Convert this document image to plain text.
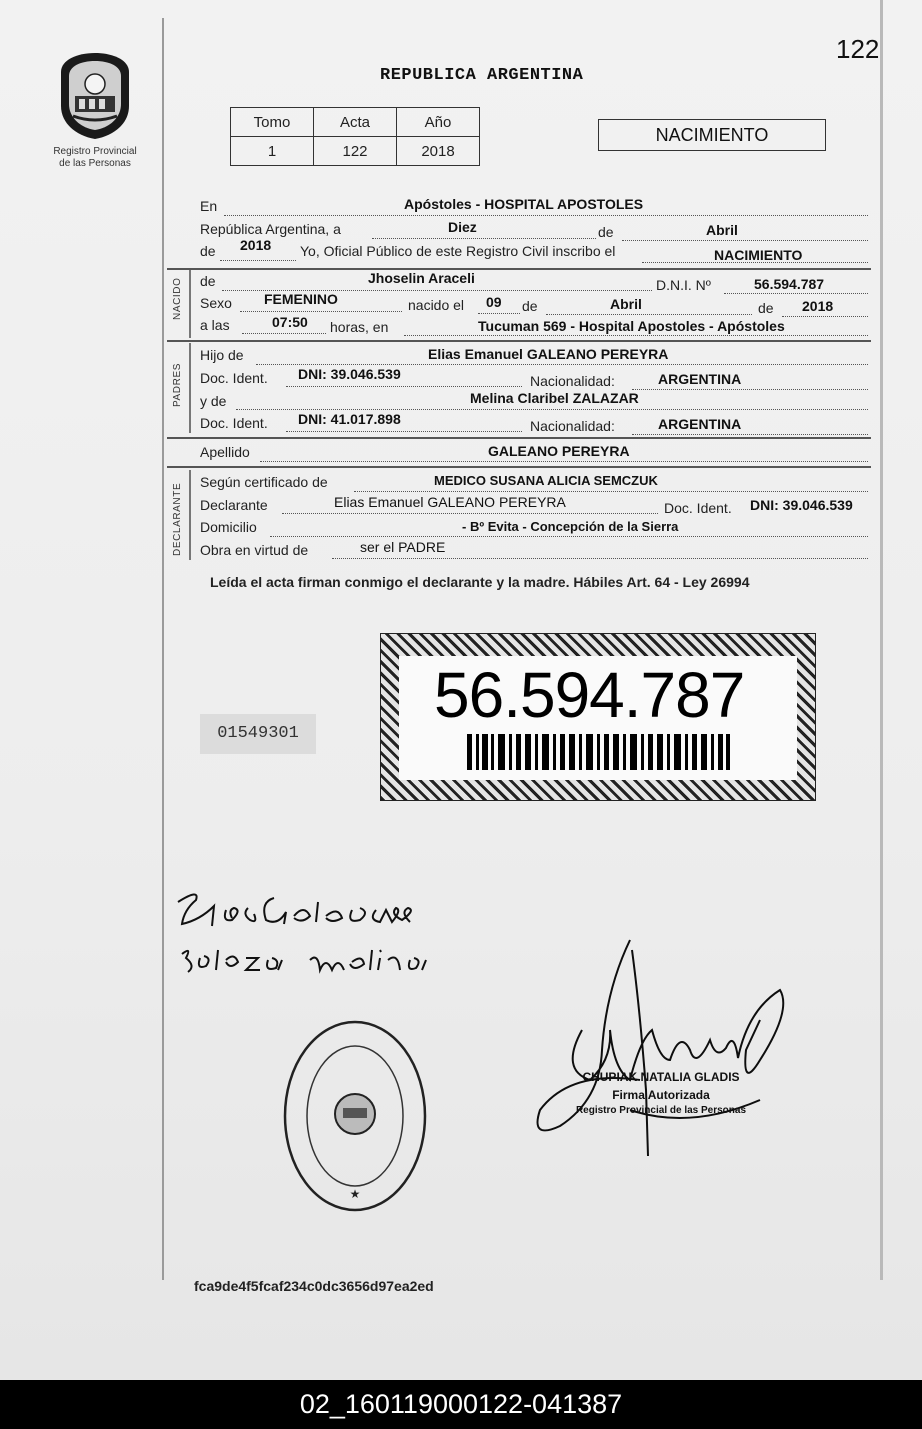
122
Registro Provincial
de las Personas
REPUBLICA ARGENTINA
Tomo	Acta	Año
1	122	2018
NACIMIENTO
En	Apóstoles - HOSPITAL APOSTOLES
República Argentina, a	Diez	de	Abril
de 2018 Yo, Oficial Público de este Registro Civil inscribo el	NACIMIENTO
NACIDO de	Jhoselin Araceli	D.N.I. Nº	56.594.787
Sexo FEMENINO	nacido el 09 de	Abril	de 2018
a las	07:50 horas, en	Tucuman 569 - Hospital Apostoles - Apóstoles
PADRES
Hijo de	Elias Emanuel GALEANO PEREYRA
Doc. Ident. DNI: 39.046.539	Nacionalidad:	ARGENTINA
y de	Melina Claribel ZALAZAR
Doc. Ident. DNI: 41.017.898	Nacionalidad:	ARGENTINA
Apellido	GALEANO PEREYRA
DECLARANTE
Según certificado de	MEDICO SUSANA ALICIA SEMCZUK
Declarante	Elias Emanuel GALEANO PEREYRA	Doc. Ident. DNI: 39.046.539
Domicilio	- Bº Evita - Concepción de la Sierra
Obra en virtud de	ser el PADRE
Leída el acta firman conmigo el declarante y la madre. Hábiles Art. 64 - Ley 26994
01549301
56.594.787
CHUPIAK NATALIA GLADIS
Firma Autorizada
Registro Provincial de las Personas
★
fca9de4f5fcaf234c0dc3656d97ea2ed
02_160119000122-041387
